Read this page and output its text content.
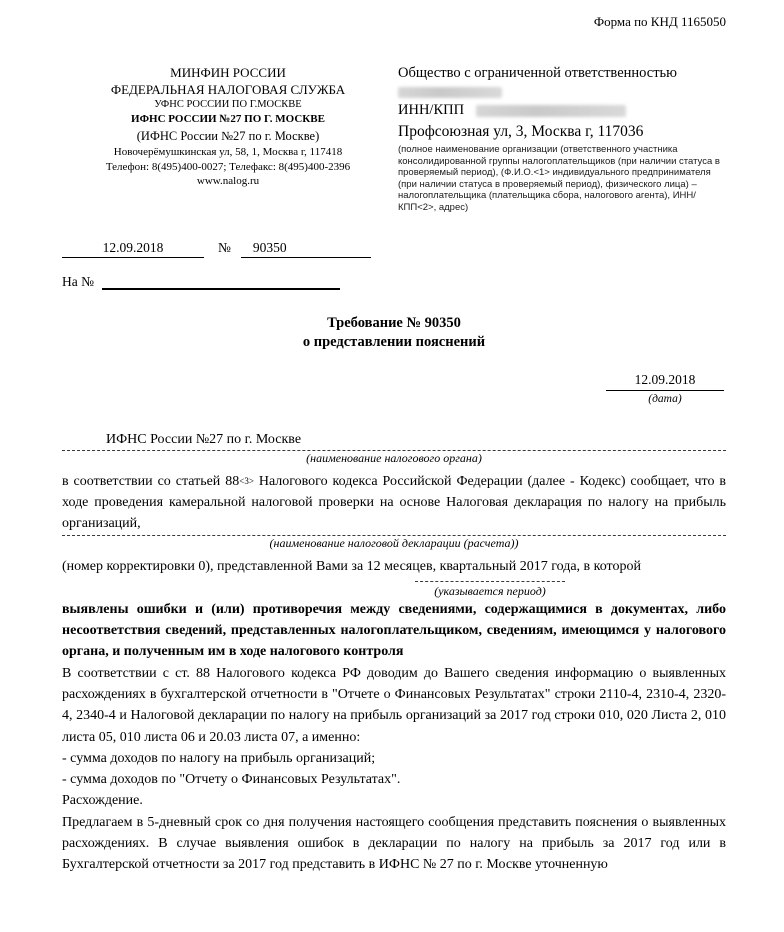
Форма по КНД 1165050
МИНФИН РОССИИ
ФЕДЕРАЛЬНАЯ НАЛОГОВАЯ СЛУЖБА
УФНС РОССИИ ПО Г.МОСКВЕ
ИФНС РОССИИ №27 ПО Г. МОСКВЕ
(ИФНС России №27 по г. Москве)
Новочерёмушкинская ул, 58, 1, Москва г, 117418
Телефон: 8(495)400-0027; Телефакс: 8(495)400-2396
www.nalog.ru
Общество с ограниченной ответственностью
ИНН/КПП
Профсоюзная ул, 3, Москва г, 117036
(полное наименование организации (ответственного участника консолидированной группы налогоплательщиков (при наличии статуса в проверяемый период), (Ф.И.О.<1> индивидуального предпринимателя (при наличии статуса в проверяемый период), физического лица) – налогоплательщика (плательщика сбора, налогового агента), ИНН/КПП<2>, адрес)
12.09.2018	№	90350
На №
Требование № 90350
о представлении пояснений
12.09.2018
(дата)
ИФНС России №27 по г. Москве
(наименование налогового органа)

в соответствии со статьей 88<3> Налогового кодекса Российской Федерации (далее - Кодекс) сообщает, что в ходе проведения камеральной налоговой проверки на основе Налоговая декларация по налогу на прибыль организаций,

(наименование налоговой декларации (расчета))

(номер корректировки 0), представленной Вами за 12 месяцев, квартальный 2017 года, в которой

(указывается период)

выявлены ошибки и (или) противоречия между сведениями, содержащимися в документах, либо несоответствия сведений, представленных налогоплательщиком, сведениям, имеющимся у налогового органа, и полученным им в ходе налогового контроля

В соответствии с ст. 88 Налогового кодекса РФ доводим до Вашего сведения информацию о выявленных расхождениях в бухгалтерской отчетности в "Отчете о Финансовых Результатах" строки 2110-4, 2310-4, 2320-4, 2340-4 и Налоговой декларации по налогу на прибыль организаций за 2017 год строки 010, 020 Листа 2, 010 листа 05, 010 листа 06 и 20.03 листа 07, а именно:

- сумма доходов по налогу на прибыль организаций;

- сумма доходов по "Отчету о Финансовых Результатах".

Расхождение.

Предлагаем в 5-дневный срок со дня получения настоящего сообщения представить пояснения о выявленных расхождениях. В случае выявления ошибок в декларации по налогу на прибыль за 2017 год или в Бухгалтерской отчетности за 2017 год представить в ИФНС № 27 по г. Москве уточненную
